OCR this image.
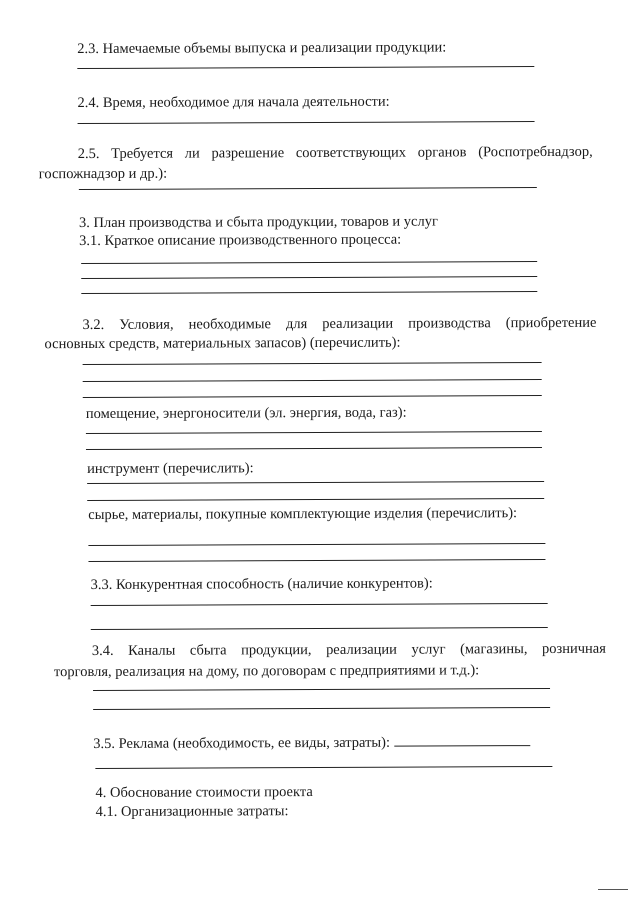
2.3. Намечаемые объемы выпуска и реализации продукции:
2.4. Время, необходимое для начала деятельности:
2.5. Требуется ли разрешение соответствующих органов (Роспотребнадзор,
госпожнадзор и др.):
3. План производства и сбыта продукции, товаров и услуг
3.1. Краткое описание производственного процесса:
3.2. Условия, необходимые для реализации производства (приобретение
основных средств, материальных запасов) (перечислить):
помещение, энергоносители (эл. энергия, вода, газ):
инструмент (перечислить):
сырье, материалы, покупные комплектующие изделия (перечислить):
3.3. Конкурентная способность (наличие конкурентов):
3.4. Каналы сбыта продукции, реализации услуг (магазины, розничная
торговля, реализация на дому, по договорам с предприятиями и т.д.):
3.5. Реклама (необходимость, ее виды, затраты):
4. Обоснование стоимости проекта
4.1. Организационные затраты:
